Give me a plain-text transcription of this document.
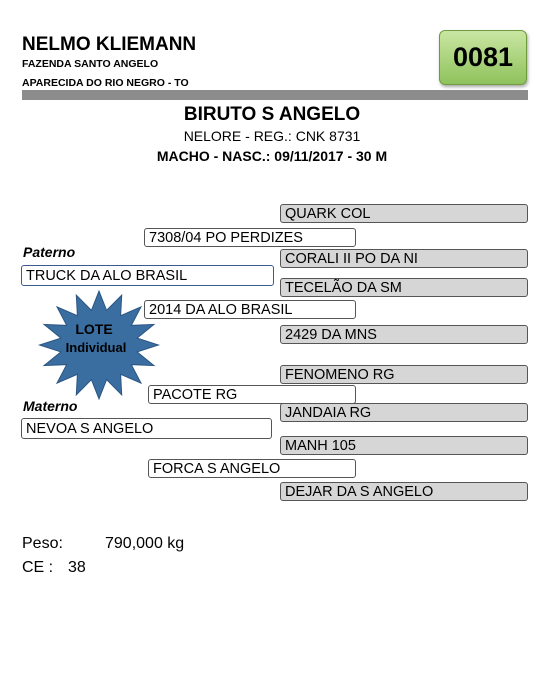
NELMO KLIEMANN
FAZENDA SANTO ANGELO
APARECIDA DO RIO NEGRO - TO
0081
BIRUTO S ANGELO
NELORE - REG.: CNK 8731
MACHO - NASC.: 09/11/2017 - 30 M
QUARK COL
CORALI II PO DA NI
TECELÃO DA SM
2429 DA MNS
FENOMENO RG
JANDAIA RG
MANH 105
DEJAR DA S ANGELO
7308/04 PO PERDIZES
2014 DA ALO BRASIL
PACOTE RG
FORCA S ANGELO
Paterno
TRUCK DA ALO BRASIL
Materno
NEVOA S ANGELO
LOTE
Individual
Peso:	790,000 kg
CE : 38
